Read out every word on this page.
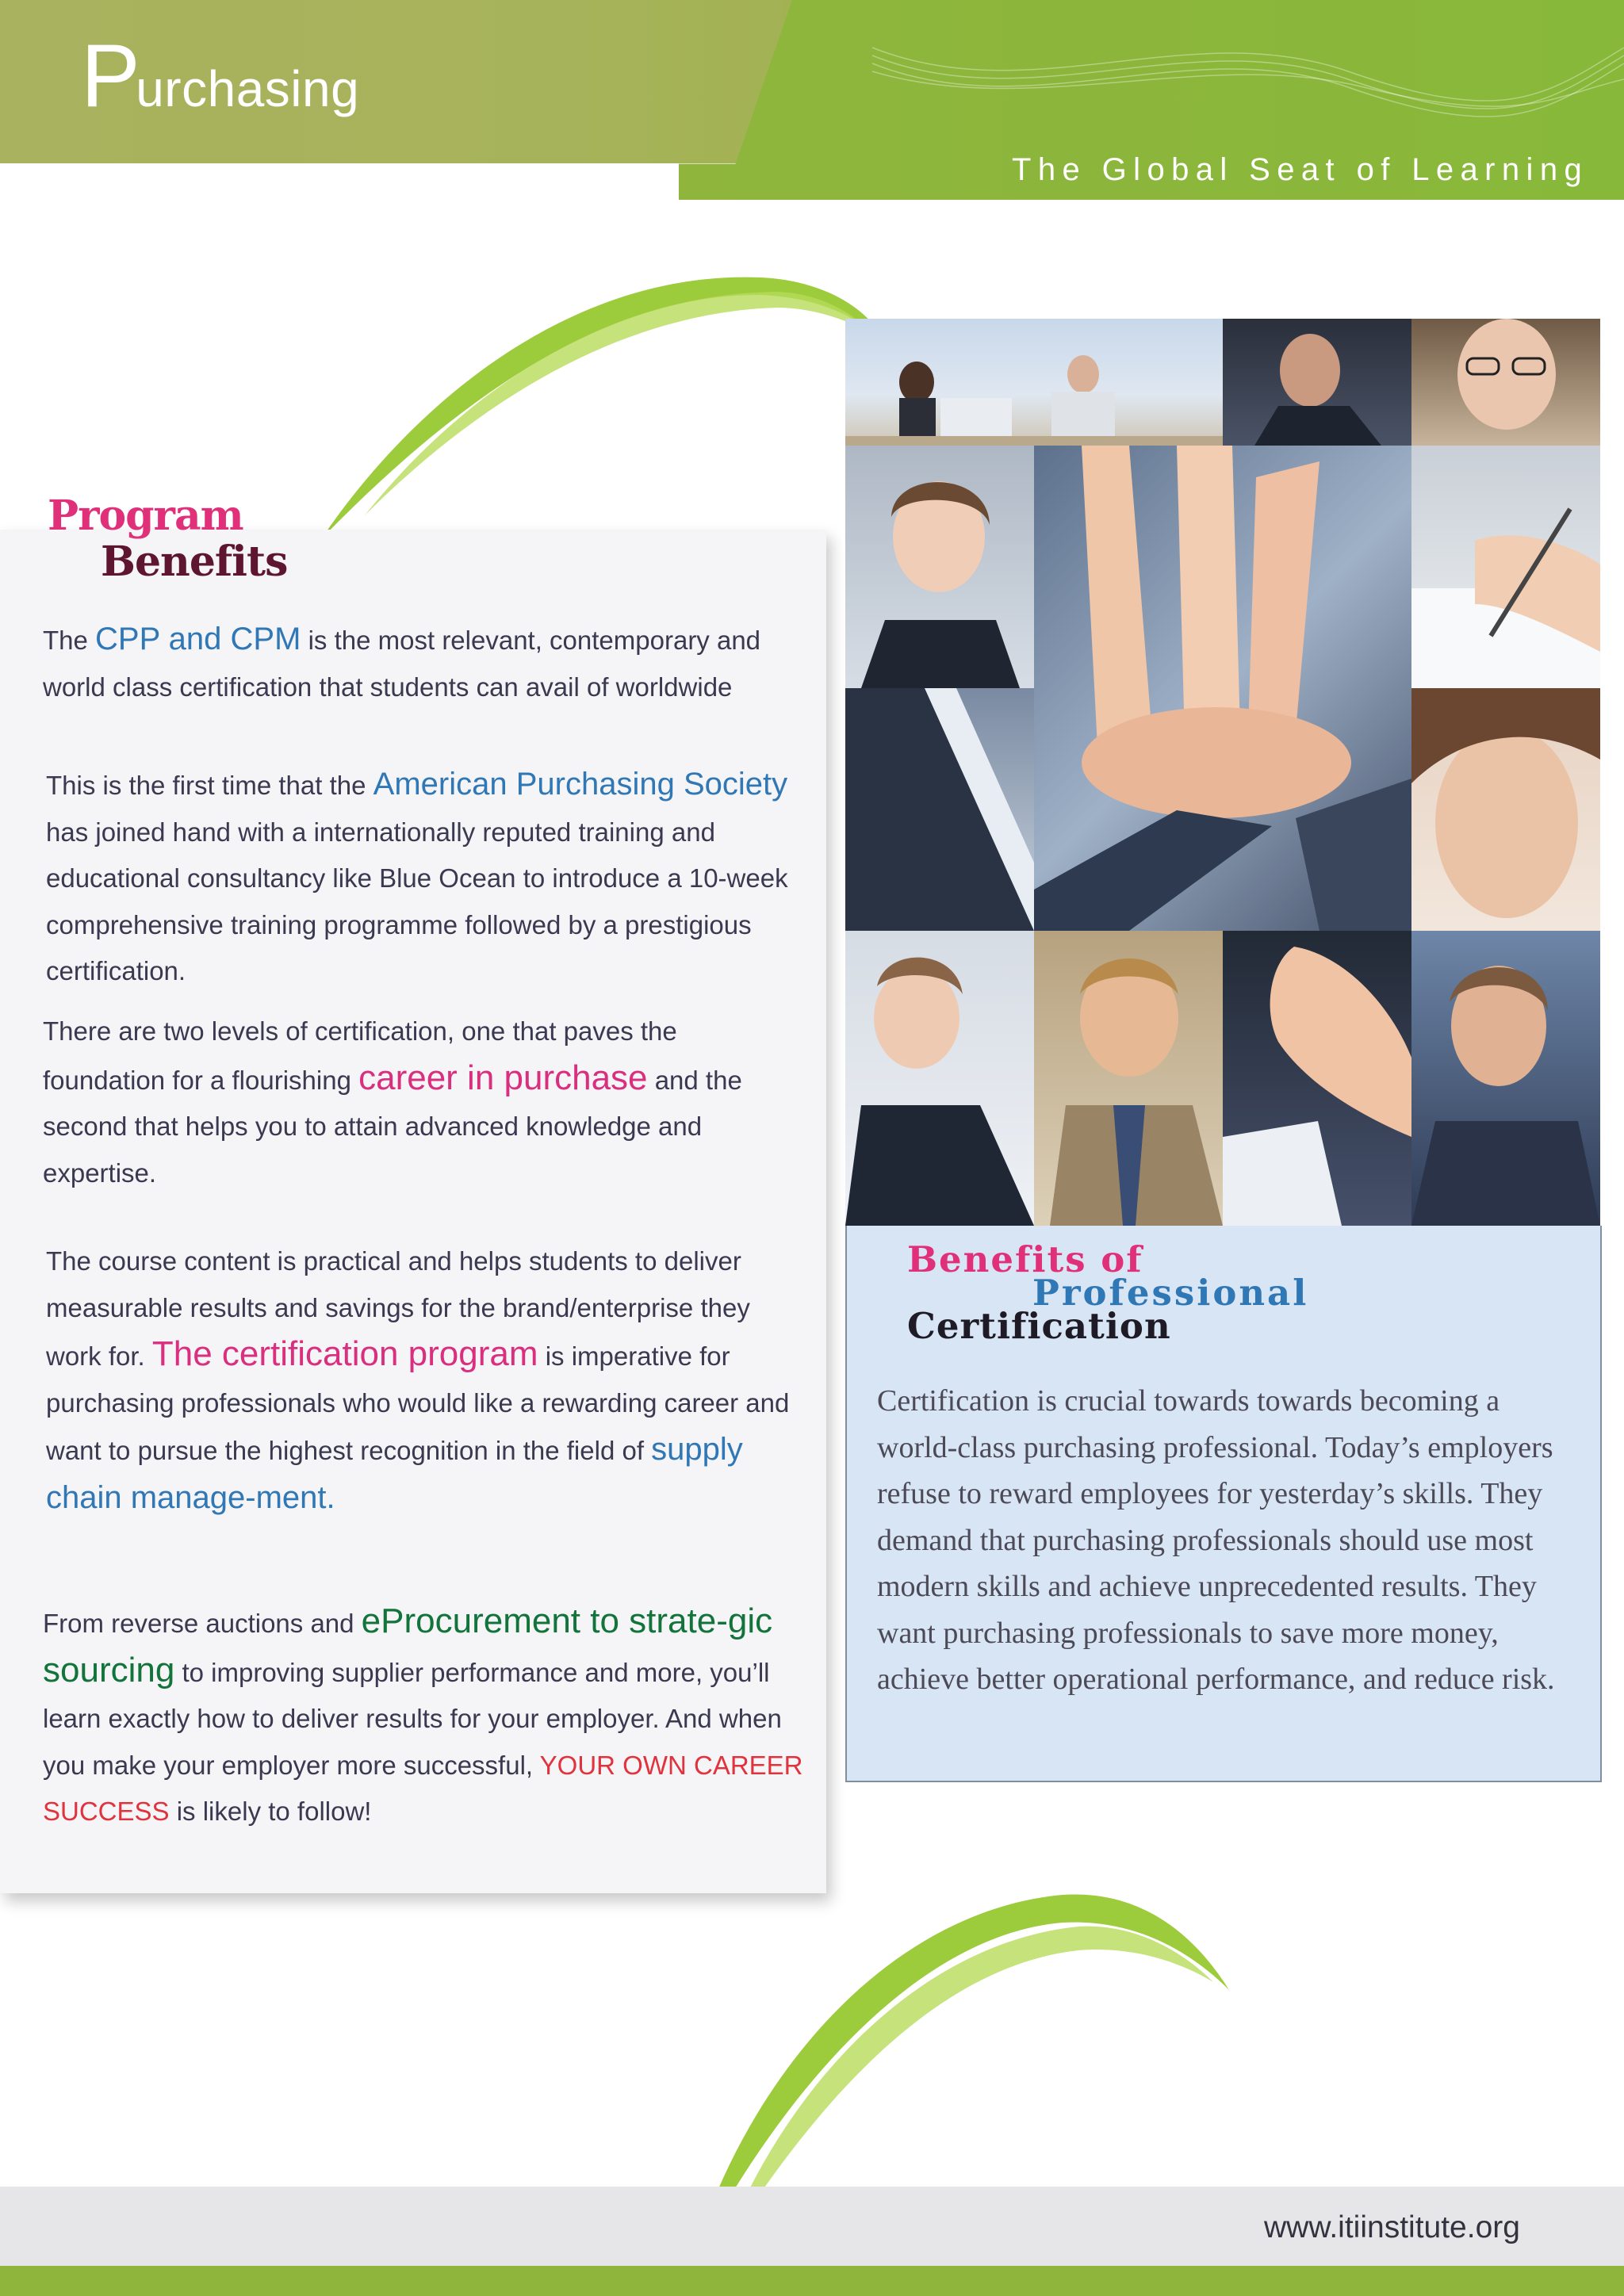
Purchasing
The Global Seat of Learning
Program
Benefits

The CPP and CPM is the most relevant, contemporary and world class certification that students can avail of worldwide

This is the first time that the American Purchasing Society has joined hand with a internationally reputed training and educational consultancy like Blue Ocean to introduce a 10-week comprehensive training programme followed by a prestigious certification.

There are two levels of certification, one that paves the foundation for a flourishing career in purchase and the second that helps you to attain advanced knowledge and expertise.

The course content is practical and helps students to deliver measurable results and savings for the brand/enterprise they work for. The certification program is imperative for purchasing professionals who would like a rewarding career and want to pursue the highest recognition in the field of supply chain manage-ment.

From reverse auctions and eProcurement to strate-gic sourcing to improving supplier performance and more, you’ll learn exactly how to deliver results for your employer. And when you make your employer more successful, YOUR OWN CAREER SUCCESS is likely to follow!

Benefits of
Professional
Certification

Certification is crucial towards towards becoming a world-class purchasing professional. Today’s employers refuse to reward employees for yesterday’s skills. They demand that purchasing professionals should use most modern skills and achieve unprecedented results. They want purchasing professionals to save more money, achieve better operational performance, and reduce risk.

www.itiinstitute.org
